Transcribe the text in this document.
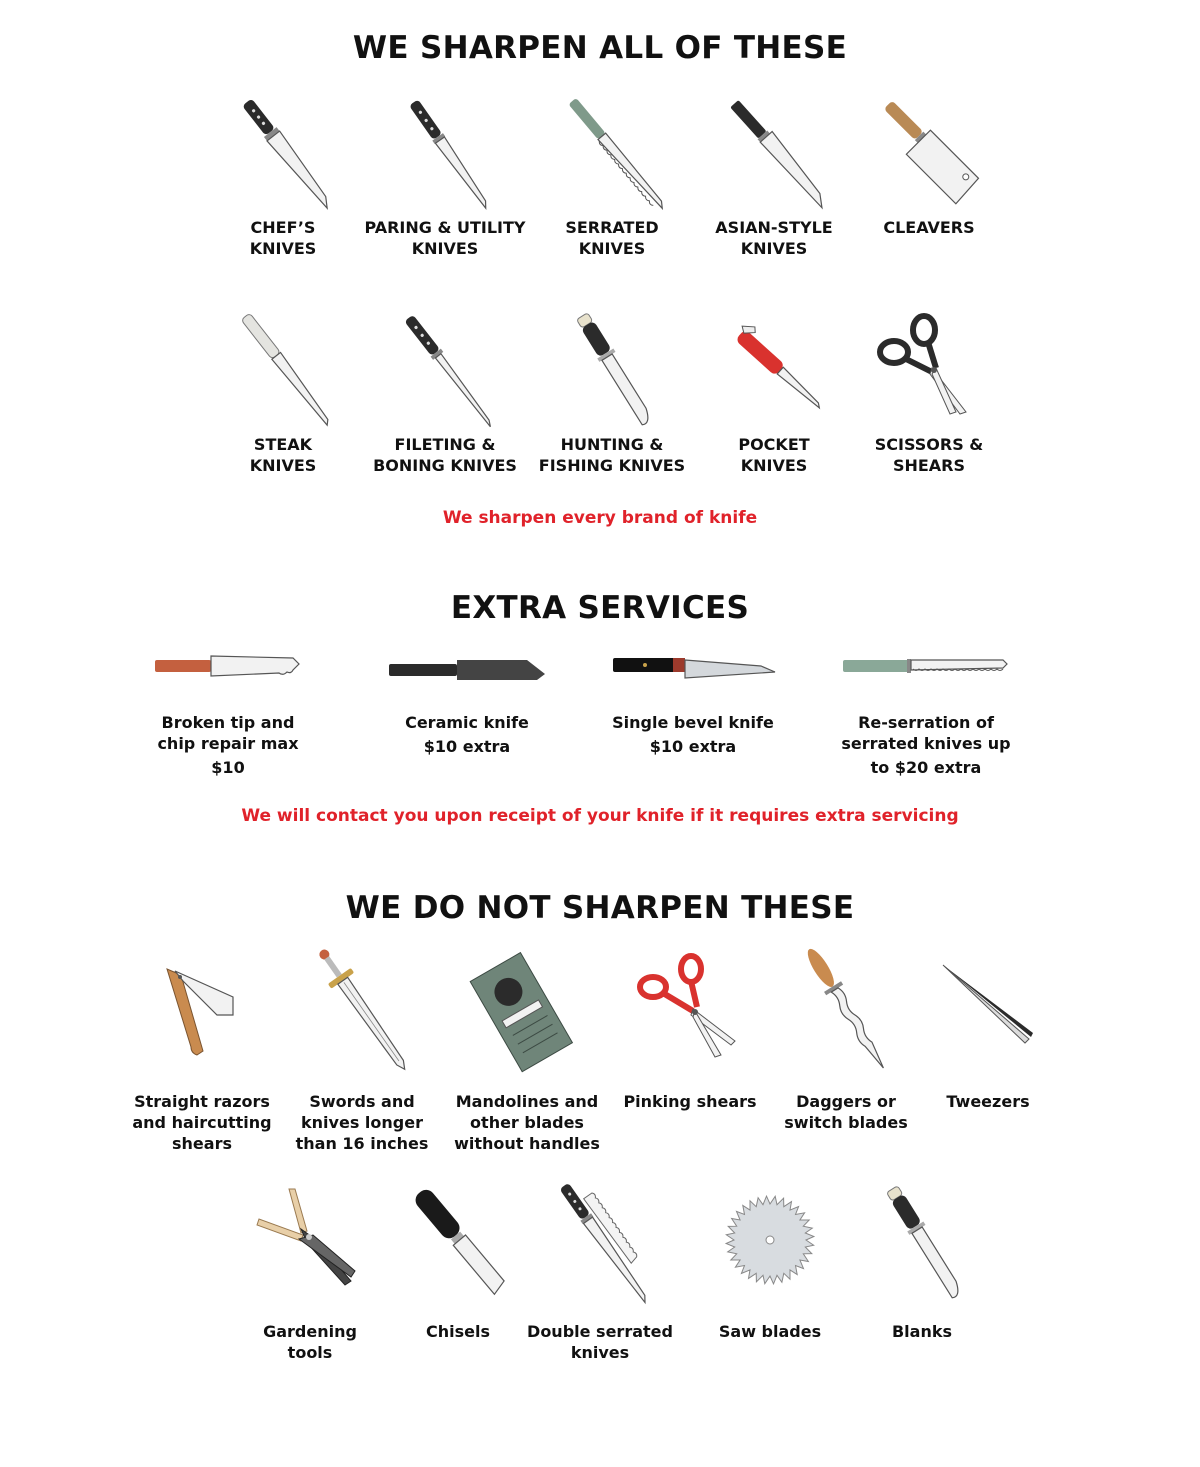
WE SHARPEN ALL OF THESE
CHEF’S
KNIVES
PARING & UTILITY
KNIVES
SERRATED
KNIVES
ASIAN-STYLE
KNIVES
CLEAVERS
STEAK
KNIVES
FILETING &
BONING KNIVES
HUNTING &
FISHING KNIVES
POCKET
KNIVES
SCISSORS &
SHEARS

We sharpen every brand of knife

EXTRA SERVICES
Broken tip and
chip repair max
$10
Ceramic knife
$10 extra
Single bevel knife
$10 extra
Re-serration of
serrated knives up
to $20 extra

We will contact you upon receipt of your knife if it requires extra servicing

WE DO NOT SHARPEN THESE
Straight razors
and haircutting
shears
Swords and
knives longer
than 16 inches
Mandolines and
other blades
without handles
Pinking shears	Daggers or
switch blades
Tweezers
Gardening
tools
Chisels	Double serrated
knives
Saw blades	Blanks
